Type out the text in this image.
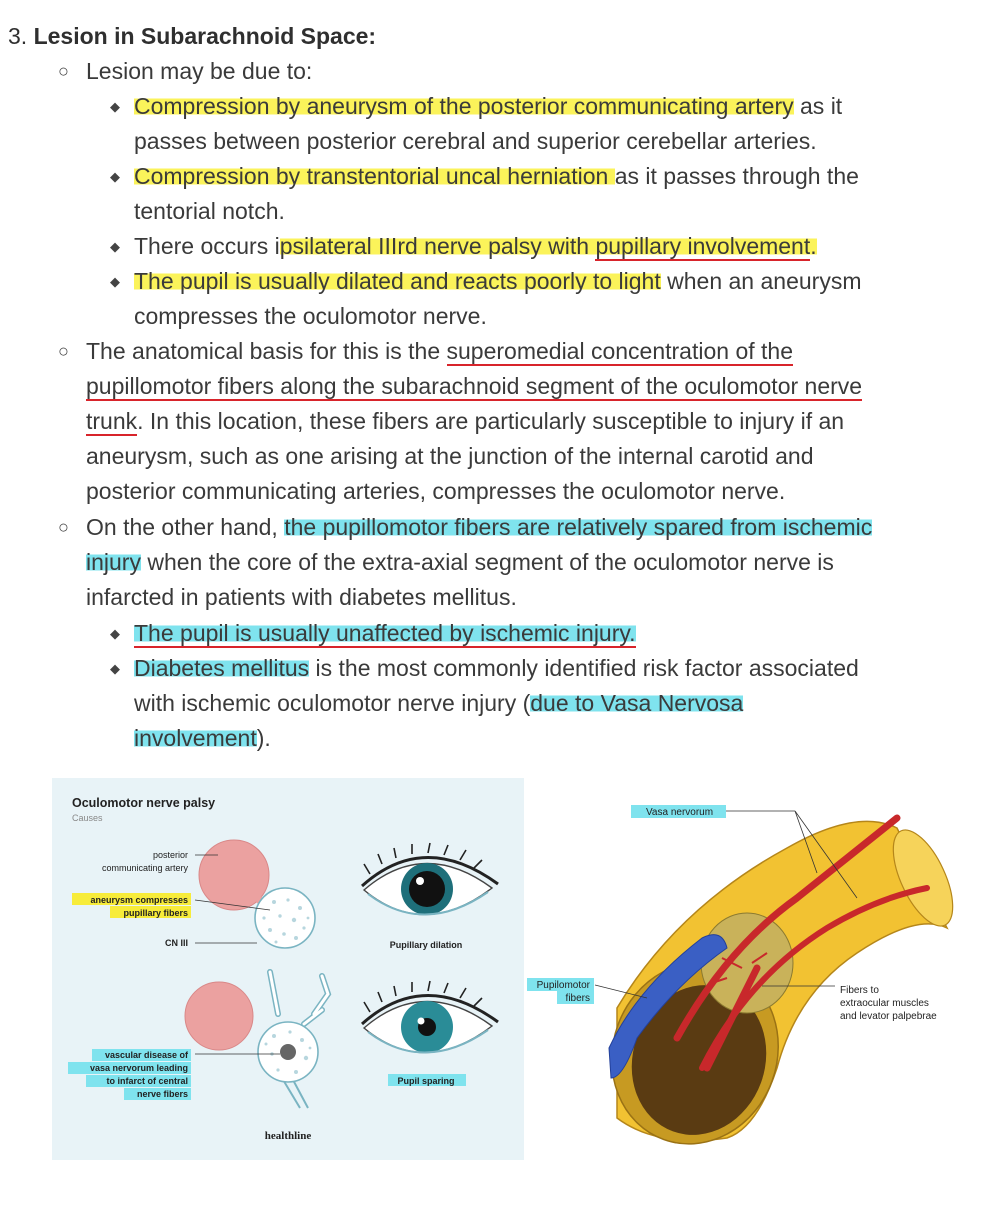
3. Lesion in Subarachnoid Space:
○ Lesion may be due to:
◆ Compression by aneurysm of the posterior communicating artery as it
passes between posterior cerebral and superior cerebellar arteries.
◆ Compression by transtentorial uncal herniation as it passes through the
tentorial notch.
◆ There occurs ipsilateral IIIrd nerve palsy with pupillary involvement.
◆ The pupil is usually dilated and reacts poorly to light when an aneurysm
compresses the oculomotor nerve.
○ The anatomical basis for this is the superomedial concentration of the
pupillomotor fibers along the subarachnoid segment of the oculomotor nerve
trunk. In this location, these fibers are particularly susceptible to injury if an
aneurysm, such as one arising at the junction of the internal carotid and
posterior communicating arteries, compresses the oculomotor nerve.
○ On the other hand, the pupillomotor fibers are relatively spared from ischemic
injury when the core of the extra-axial segment of the oculomotor nerve is
infarcted in patients with diabetes mellitus.
◆ The pupil is usually unaffected by ischemic injury.
◆ Diabetes mellitus is the most commonly identified risk factor associated
with ischemic oculomotor nerve injury (due to Vasa Nervosa
involvement).
Oculomotor nerve palsy
Causes
posterior
communicating artery
aneurysm compresses
pupillary fibers
CN III	Pupillary dilation
vascular disease of
vasa nervorum leading
to infarct of central
nerve fibers
Pupil sparing
healthline
Vasa nervorum
Pupilomotor
fibers
Fibers to
extraocular muscles
and levator palpebrae
